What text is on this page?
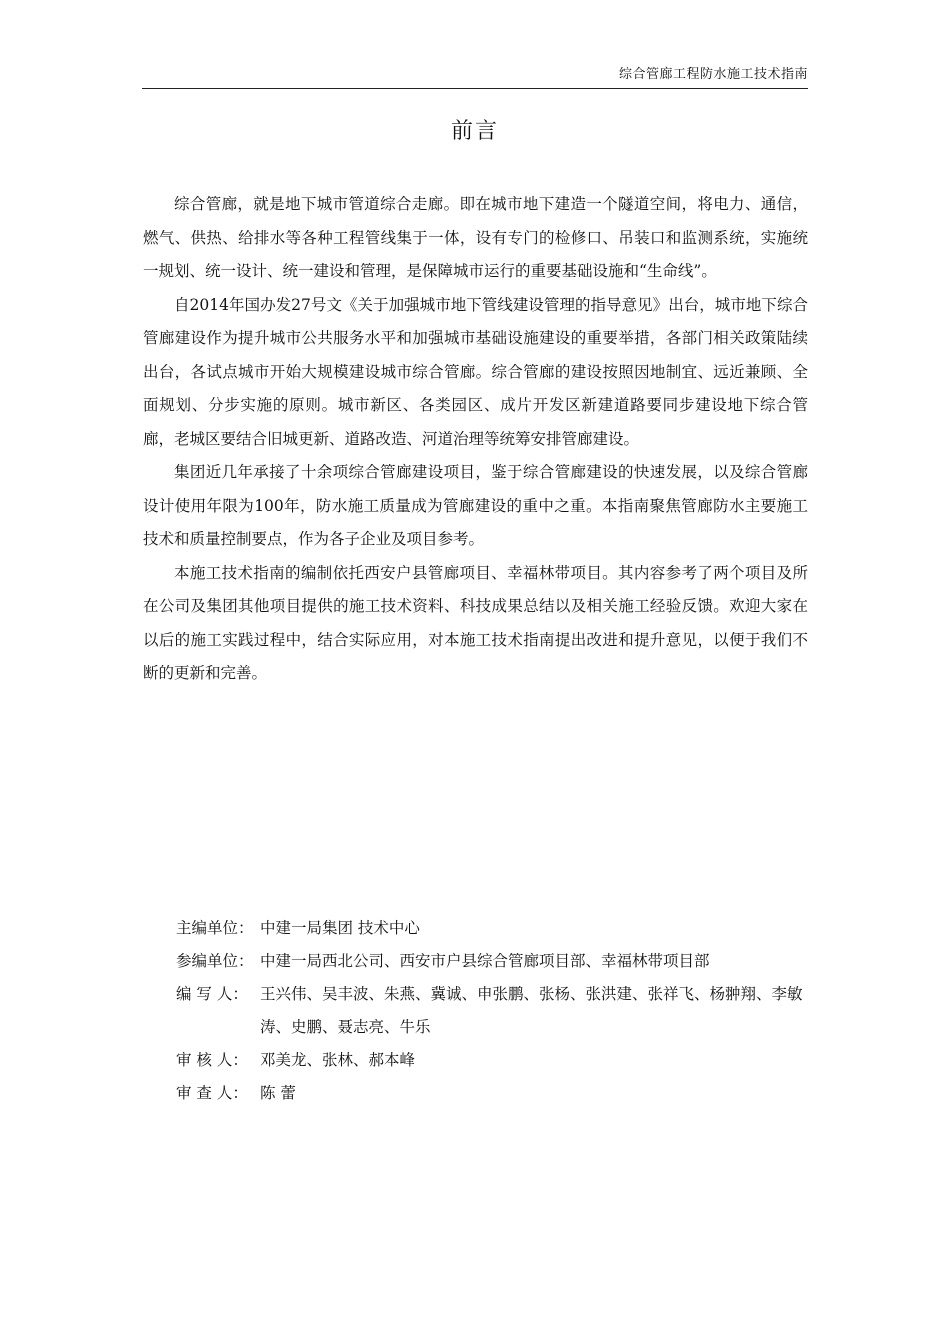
综合管廊工程防水施工技术指南
前言

综合管廊，就是地下城市管道综合走廊。即在城市地下建造一个隧道空间，将电力、通信，燃气、供热、给排水等各种工程管线集于一体，设有专门的检修口、吊装口和监测系统，实施统一规划、统一设计、统一建设和管理，是保障城市运行的重要基础设施和“生命线”。

自2014年国办发27号文《关于加强城市地下管线建设管理的指导意见》出台，城市地下综合管廊建设作为提升城市公共服务水平和加强城市基础设施建设的重要举措，各部门相关政策陆续出台，各试点城市开始大规模建设城市综合管廊。综合管廊的建设按照因地制宜、远近兼顾、全面规划、分步实施的原则。城市新区、各类园区、成片开发区新建道路要同步建设地下综合管廊，老城区要结合旧城更新、道路改造、河道治理等统筹安排管廊建设。

集团近几年承接了十余项综合管廊建设项目，鉴于综合管廊建设的快速发展，以及综合管廊设计使用年限为100年，防水施工质量成为管廊建设的重中之重。本指南聚焦管廊防水主要施工技术和质量控制要点，作为各子企业及项目参考。

本施工技术指南的编制依托西安户县管廊项目、幸福林带项目。其内容参考了两个项目及所在公司及集团其他项目提供的施工技术资料、科技成果总结以及相关施工经验反馈。欢迎大家在以后的施工实践过程中，结合实际应用，对本施工技术指南提出改进和提升意见，以便于我们不断的更新和完善。

主编单位： 中建一局集团 技术中心
参编单位： 中建一局西北公司、西安市户县综合管廊项目部、幸福林带项目部
编 写 人： 王兴伟、吴丰波、朱燕、冀诚、申张鹏、张杨、张洪建、张祥飞、杨翀翔、李敏涛、史鹏、聂志亮、牛乐
审 核 人： 邓美龙、张林、郝本峰
审 查 人： 陈 蕾
